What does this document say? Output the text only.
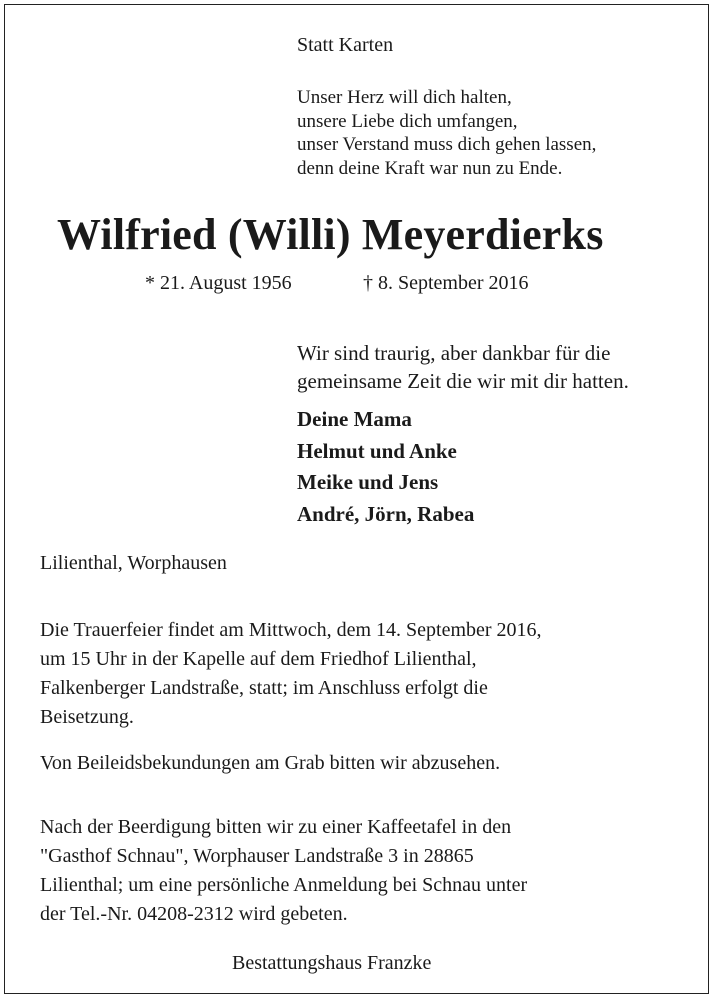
Statt Karten
Unser Herz will dich halten,
unsere Liebe dich umfangen,
unser Verstand muss dich gehen lassen,
denn deine Kraft war nun zu Ende.
Wilfried (Willi) Meyerdierks
* 21. August 1956	† 8. September 2016
Wir sind traurig, aber dankbar für die
gemeinsame Zeit die wir mit dir hatten.
Deine Mama
Helmut und Anke
Meike und Jens
André, Jörn, Rabea
Lilienthal, Worphausen
Die Trauerfeier findet am Mittwoch, dem 14. September 2016,
um 15 Uhr in der Kapelle auf dem Friedhof Lilienthal,
Falkenberger Landstraße, statt; im Anschluss erfolgt die
Beisetzung.
Von Beileidsbekundungen am Grab bitten wir abzusehen.
Nach der Beerdigung bitten wir zu einer Kaffeetafel in den
"Gasthof Schnau", Worphauser Landstraße 3 in 28865
Lilienthal; um eine persönliche Anmeldung bei Schnau unter
der Tel.-Nr. 04208-2312 wird gebeten.
Bestattungshaus Franzke
